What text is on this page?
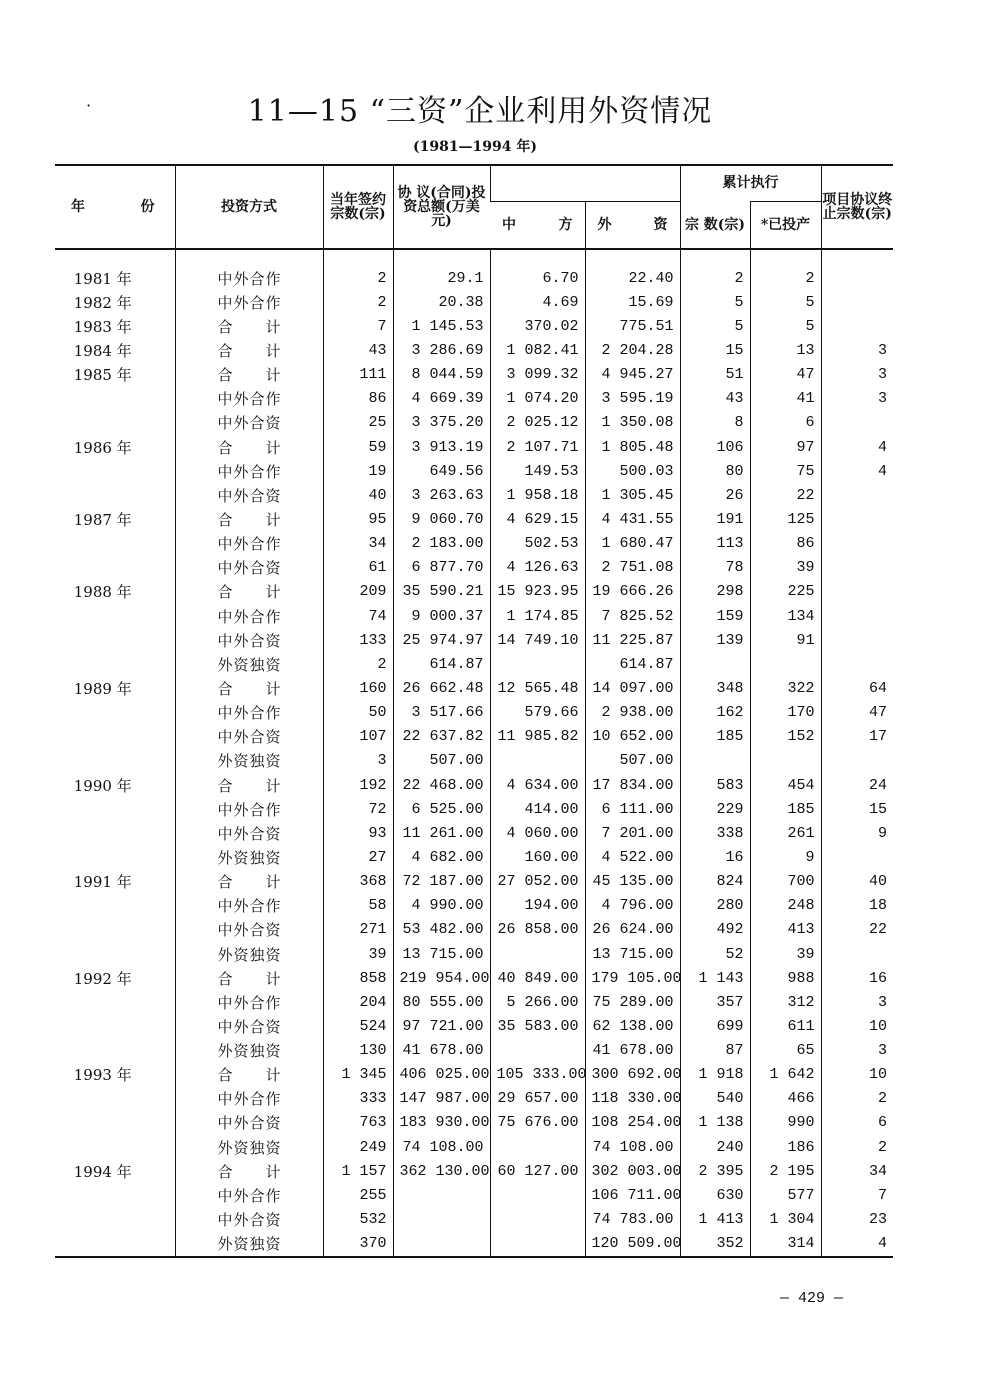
·	11—15 “三资”企业利用外资情况
(1981—1994 年)
年 份	投资方式	当年签约宗数(宗)	协 议(合同)投资总额(万美元)			累计执行		项目协议终止宗数(宗)

				中 方	外 资	宗 数(宗)	*已投产	
1981 年	中外合作	2	29.1	6.70	22.40	2	2	
1982 年	中外合作	2	20.38	4.69	15.69	5	5	
1983 年	合　　计	7	1 145.53	370.02	775.51	5	5	
1984 年	合　　计	43	3 286.69	1 082.41	2 204.28	15	13	3
1985 年	合　　计	111	8 044.59	3 099.32	4 945.27	51	47	3
	中外合作	86	4 669.39	1 074.20	3 595.19	43	41	3
	中外合资	25	3 375.20	2 025.12	1 350.08	8	6	
1986 年	合　　计	59	3 913.19	2 107.71	1 805.48	106	97	4
	中外合作	19	649.56	149.53	500.03	80	75	4
	中外合资	40	3 263.63	1 958.18	1 305.45	26	22	
1987 年	合　　计	95	9 060.70	4 629.15	4 431.55	191	125	
	中外合作	34	2 183.00	502.53	1 680.47	113	86	
	中外合资	61	6 877.70	4 126.63	2 751.08	78	39	
1988 年	合　　计	209	35 590.21	15 923.95	19 666.26	298	225	
	中外合作	74	9 000.37	1 174.85	7 825.52	159	134	
	中外合资	133	25 974.97	14 749.10	11 225.87	139	91	
	外资独资	2	614.87		614.87			
1989 年	合　　计	160	26 662.48	12 565.48	14 097.00	348	322	64
	中外合作	50	3 517.66	579.66	2 938.00	162	170	47
	中外合资	107	22 637.82	11 985.82	10 652.00	185	152	17
	外资独资	3	507.00		507.00			
1990 年	合　　计	192	22 468.00	4 634.00	17 834.00	583	454	24
	中外合作	72	6 525.00	414.00	6 111.00	229	185	15
	中外合资	93	11 261.00	4 060.00	7 201.00	338	261	9
	外资独资	27	4 682.00	160.00	4 522.00	16	9	
1991 年	合　　计	368	72 187.00	27 052.00	45 135.00	824	700	40
	中外合作	58	4 990.00	194.00	4 796.00	280	248	18
	中外合资	271	53 482.00	26 858.00	26 624.00	492	413	22
	外资独资	39	13 715.00		13 715.00	52	39	
1992 年	合　　计	858	219 954.00	40 849.00	179 105.00	1 143	988	16
	中外合作	204	80 555.00	5 266.00	75 289.00	357	312	3
	中外合资	524	97 721.00	35 583.00	62 138.00	699	611	10
	外资独资	130	41 678.00		41 678.00	87	65	3
1993 年	合　　计	1 345	406 025.00	105 333.00	300 692.00	1 918	1 642	10
	中外合作	333	147 987.00	29 657.00	118 330.00	540	466	2
	中外合资	763	183 930.00	75 676.00	108 254.00	1 138	990	6
	外资独资	249	74 108.00		74 108.00	240	186	2
1994 年	合　　计	1 157	362 130.00	60 127.00	302 003.00	2 395	2 195	34
	中外合作	255			106 711.00	630	577	7
	中外合资	532			74 783.00	1 413	1 304	23
	外资独资	370			120 509.00	352	314	4
— 429 —
